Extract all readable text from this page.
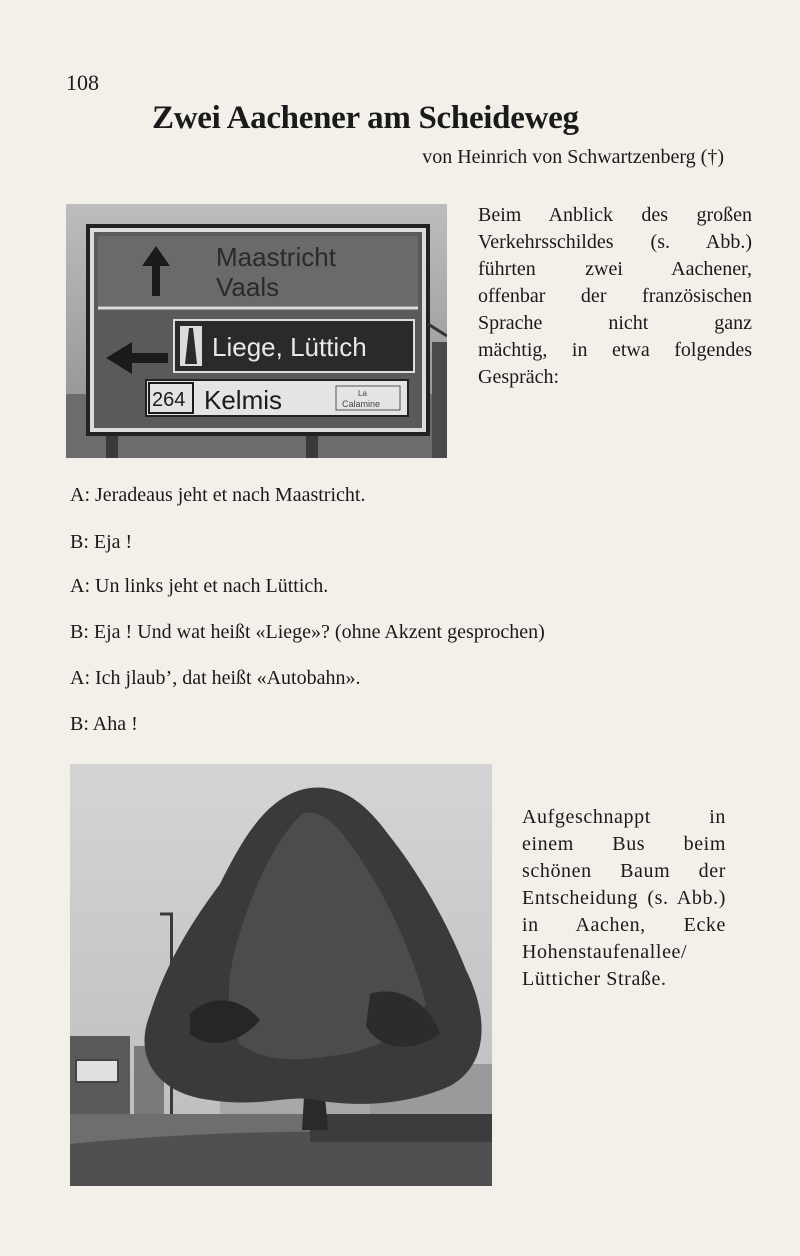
108
Zwei Aachener am Scheideweg
von Heinrich von Schwartzenberg (†)
Maastricht
Vaals
Liege, Lüttich
264 Kelmis	La
Calamine
Beim Anblick des großen
Verkehrsschildes (s. Abb.)
führten zwei Aachener,
offenbar der französischen
Sprache nicht ganz
mächtig, in etwa folgendes
Gespräch:
A: Jeradeaus jeht et nach Maastricht.
B: Eja !
A: Un links jeht et nach Lüttich.
B: Eja ! Und wat heißt «Liege»? (ohne Akzent gesprochen)
A: Ich jlaub’, dat heißt «Autobahn».
B: Aha !
Aufgeschnappt in
einem Bus beim
schönen Baum der
Entscheidung (s. Abb.)
in Aachen, Ecke
Hohenstaufenallee/
Lütticher Straße.
